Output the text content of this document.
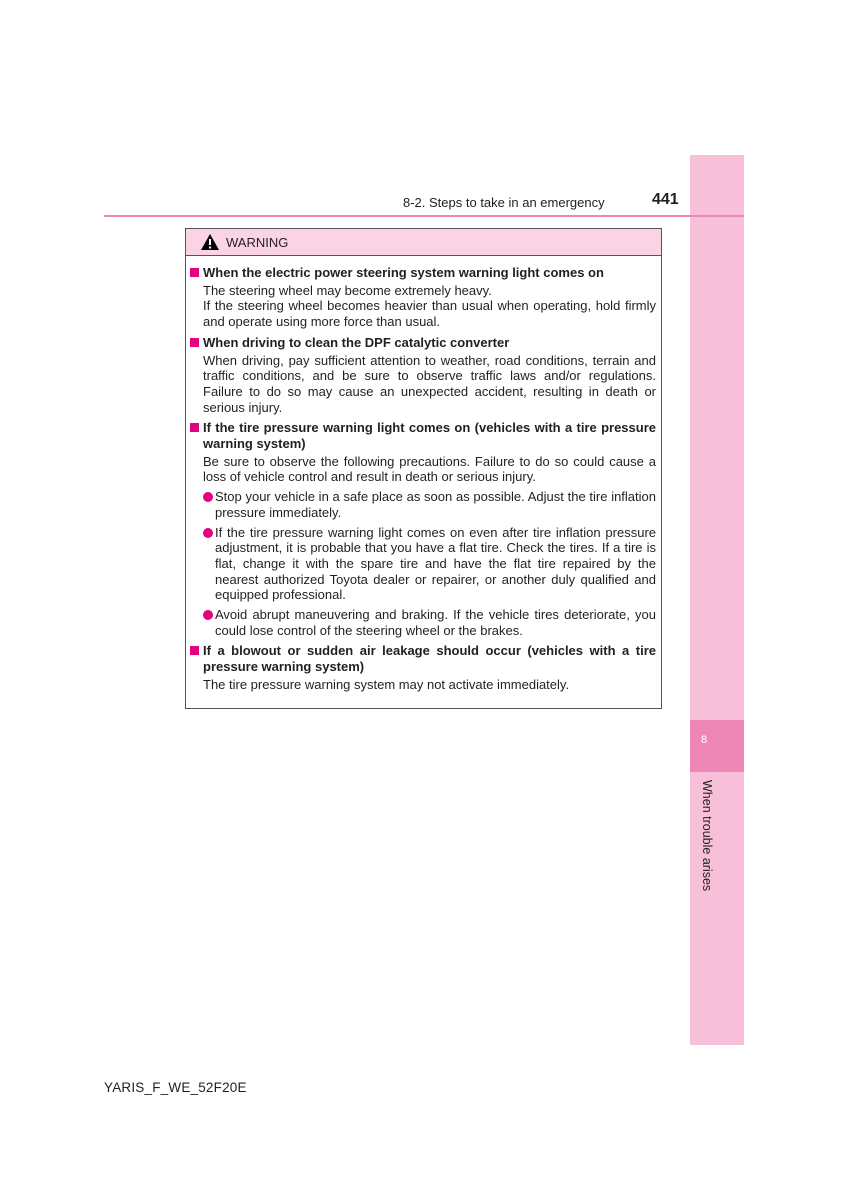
8
When trouble arises
8-2. Steps to take in an emergency	441
WARNING
When the electric power steering system warning light comes on
The steering wheel may become extremely heavy.
If the steering wheel becomes heavier than usual when operating, hold firmly and operate using more force than usual.
When driving to clean the DPF catalytic converter
When driving, pay sufficient attention to weather, road conditions, terrain and traffic conditions, and be sure to observe traffic laws and/or regulations. Failure to do so may cause an unexpected accident, resulting in death or serious injury.
If the tire pressure warning light comes on (vehicles with a tire pressure warning system)
Be sure to observe the following precautions. Failure to do so could cause a loss of vehicle control and result in death or serious injury.
Stop your vehicle in a safe place as soon as possible. Adjust the tire inflation pressure immediately.
If the tire pressure warning light comes on even after tire inflation pressure adjustment, it is probable that you have a flat tire. Check the tires. If a tire is flat, change it with the spare tire and have the flat tire repaired by the nearest authorized Toyota dealer or repairer, or another duly qualified and equipped professional.
Avoid abrupt maneuvering and braking. If the vehicle tires deteriorate, you could lose control of the steering wheel or the brakes.
If a blowout or sudden air leakage should occur (vehicles with a tire pressure warning system)
The tire pressure warning system may not activate immediately.
YARIS_F_WE_52F20E
